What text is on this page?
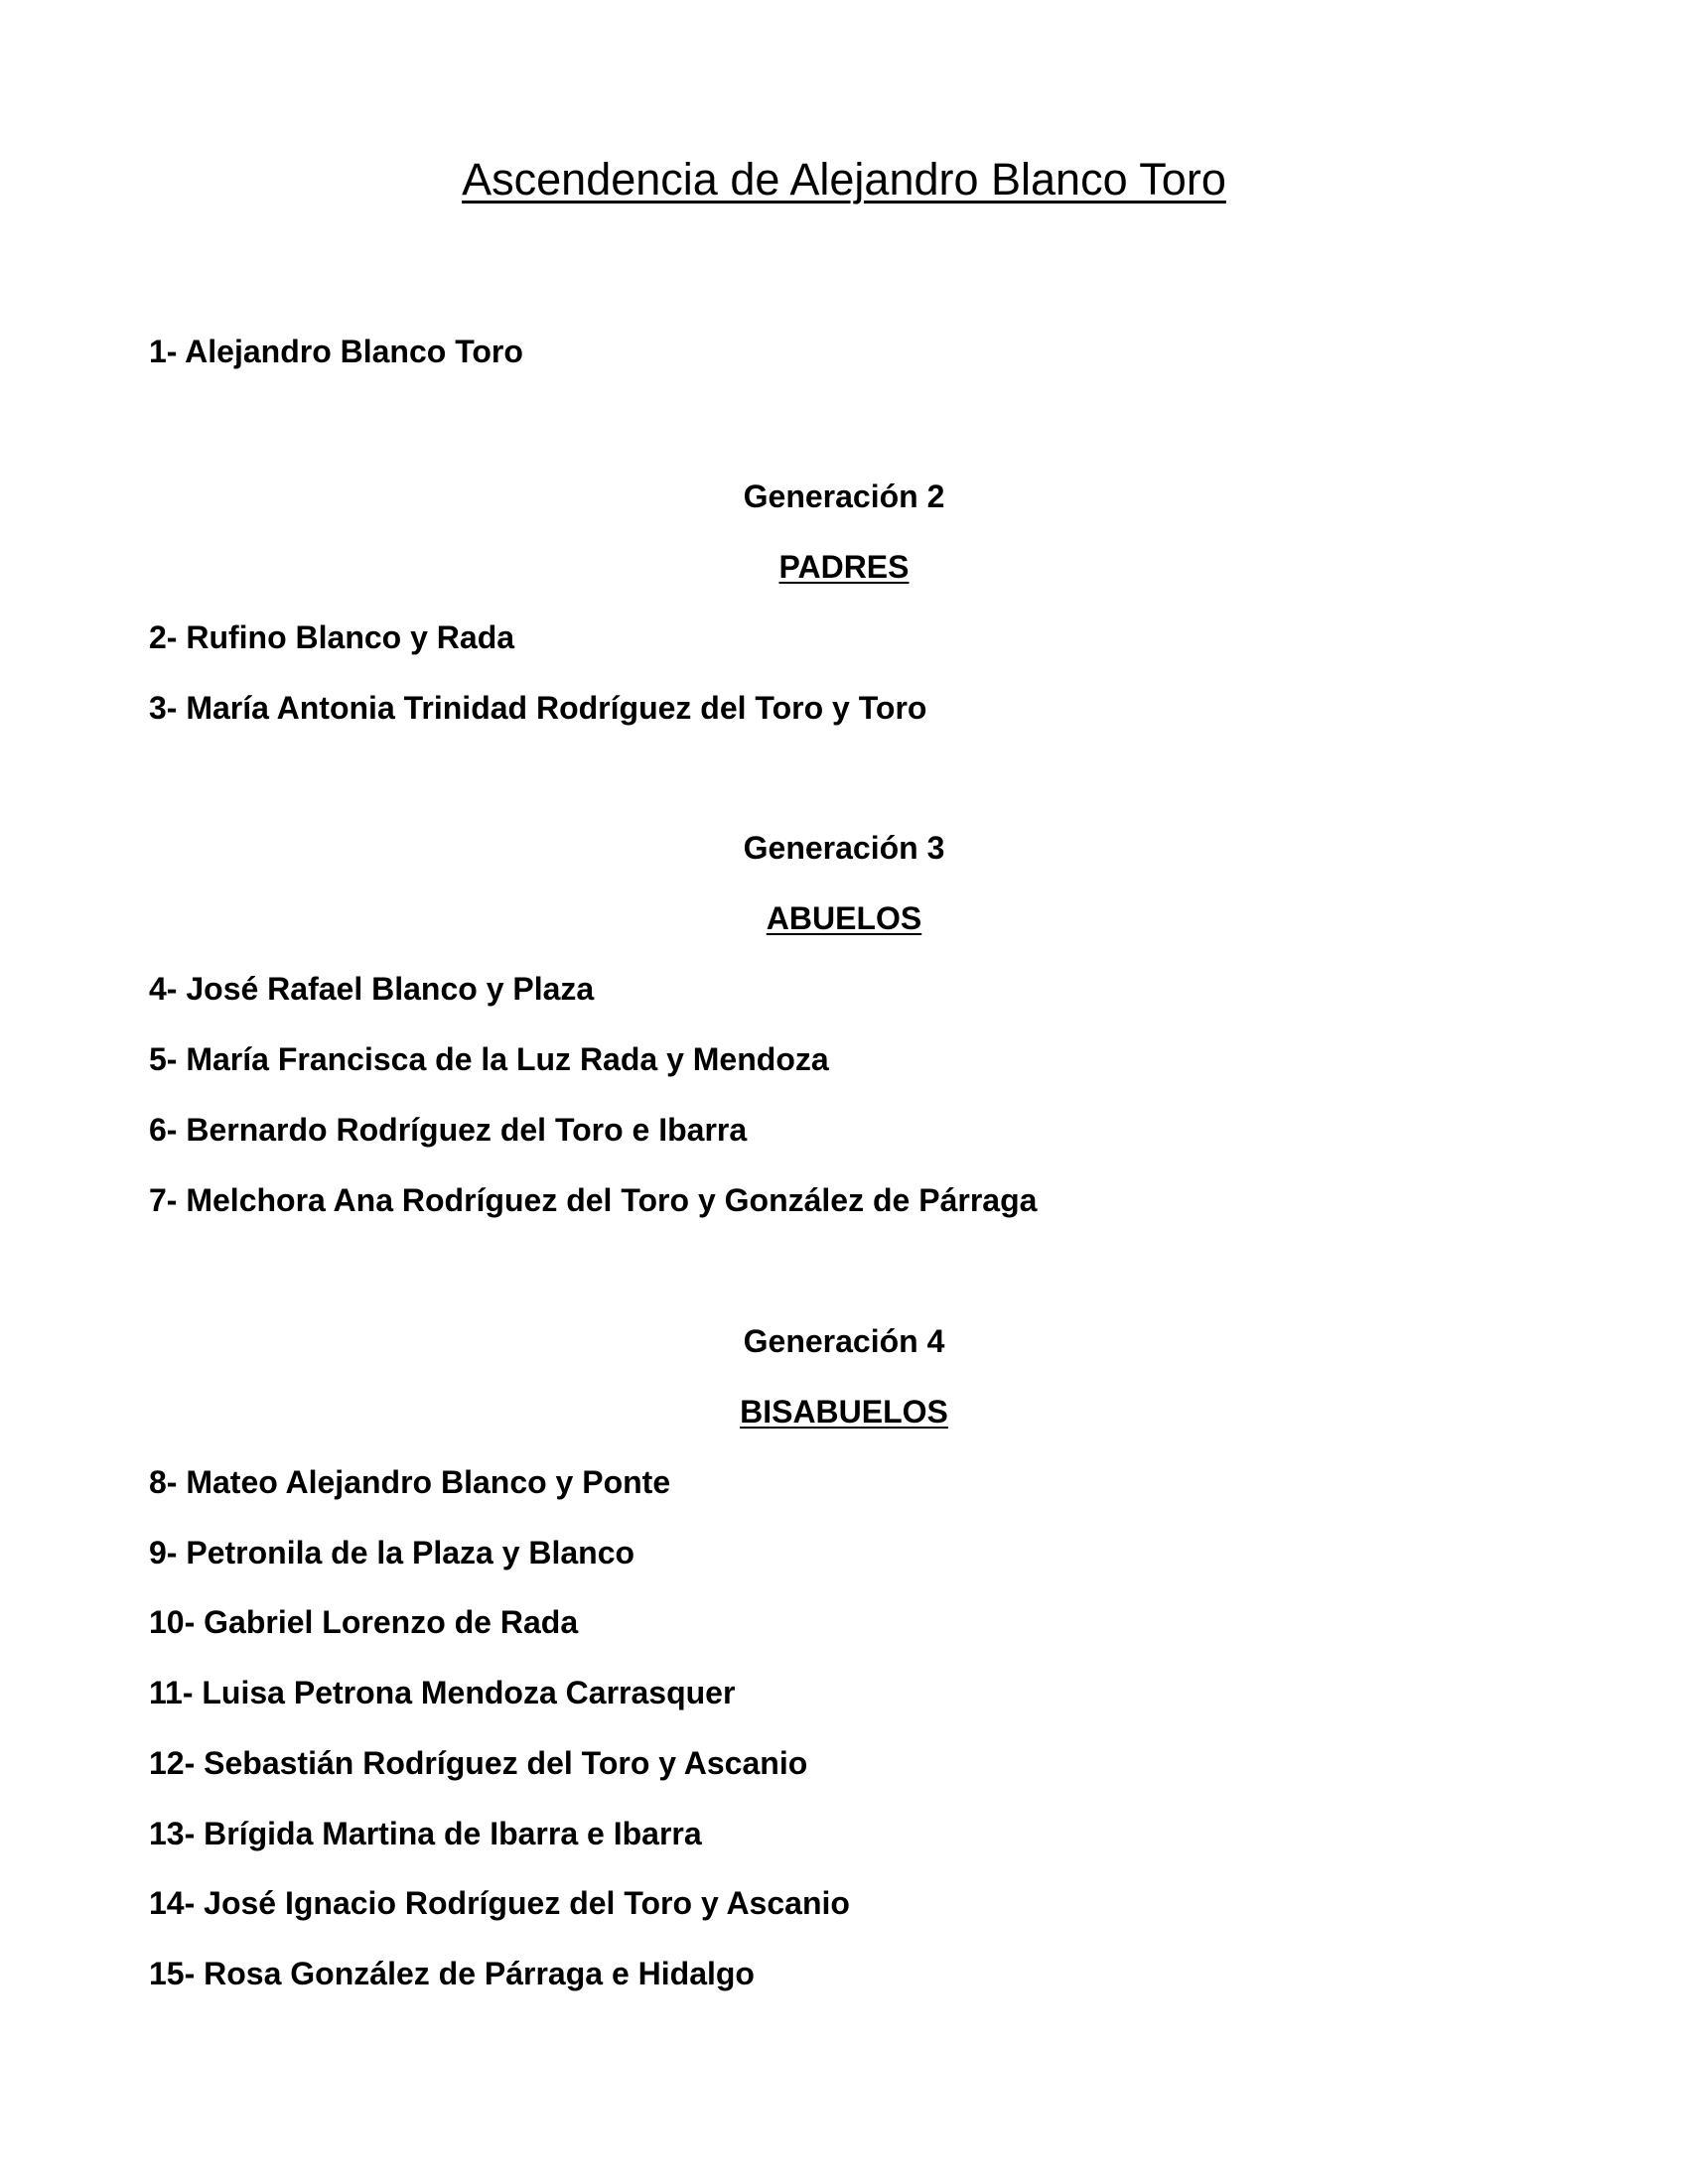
Ascendencia de Alejandro Blanco Toro
1- Alejandro Blanco Toro
Generación 2
PADRES
2- Rufino Blanco y Rada
3- María Antonia Trinidad Rodríguez del Toro y Toro
Generación 3
ABUELOS
4- José Rafael Blanco y Plaza
5- María Francisca de la Luz Rada y Mendoza
6- Bernardo Rodríguez del Toro e Ibarra
7- Melchora Ana Rodríguez del Toro y González de Párraga
Generación 4
BISABUELOS
8- Mateo Alejandro Blanco y Ponte
9- Petronila de la Plaza y Blanco
10- Gabriel Lorenzo de Rada
11- Luisa Petrona Mendoza Carrasquer
12- Sebastián Rodríguez del Toro y Ascanio
13- Brígida Martina de Ibarra e Ibarra
14- José Ignacio Rodríguez del Toro y Ascanio
15- Rosa González de Párraga e Hidalgo
